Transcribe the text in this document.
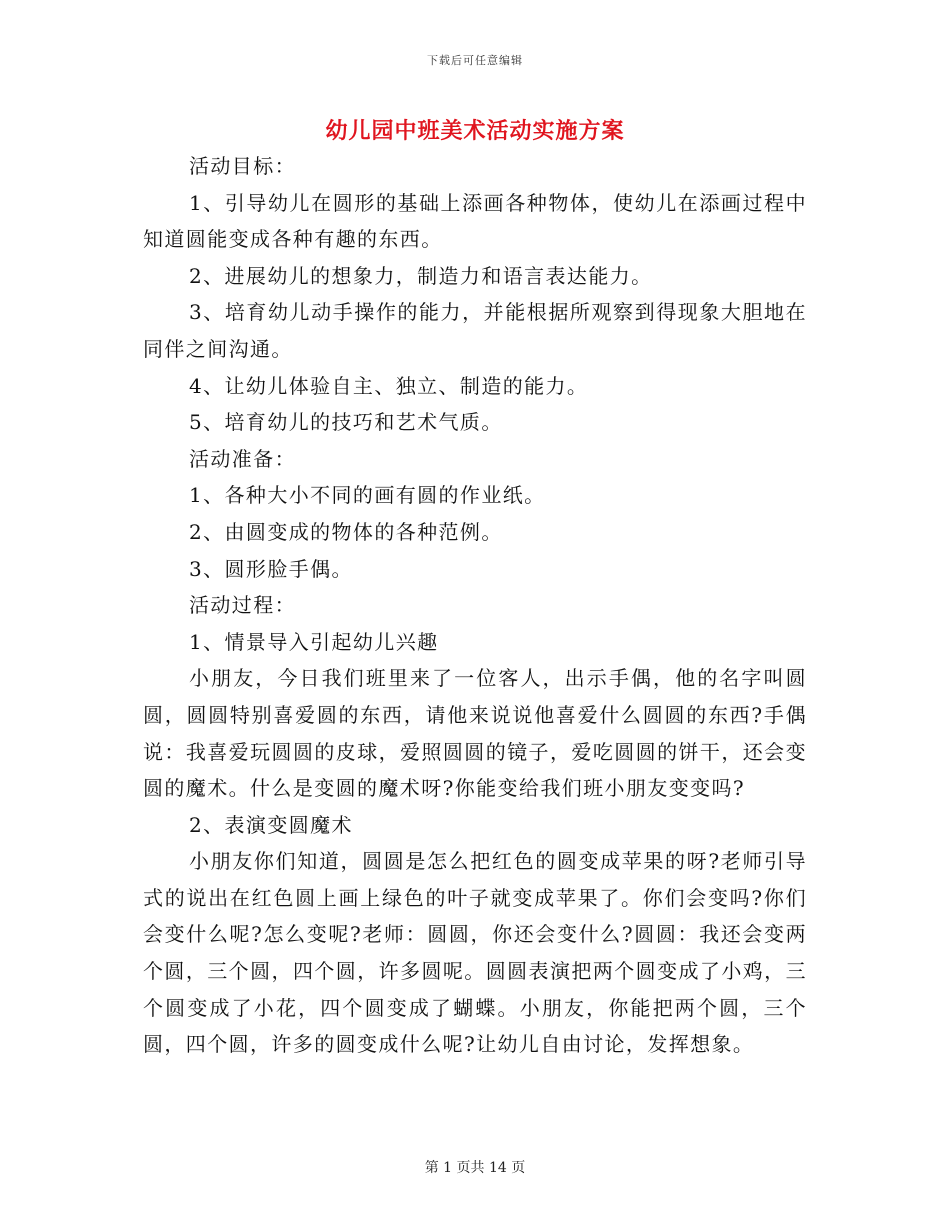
下载后可任意编辑
幼儿园中班美术活动实施方案

活动目标：

1、引导幼儿在圆形的基础上添画各种物体，使幼儿在添画过程中知道圆能变成各种有趣的东西。

2、进展幼儿的想象力，制造力和语言表达能力。

3、培育幼儿动手操作的能力，并能根据所观察到得现象大胆地在同伴之间沟通。

4、让幼儿体验自主、独立、制造的能力。

5、培育幼儿的技巧和艺术气质。

活动准备：

1、各种大小不同的画有圆的作业纸。

2、由圆变成的物体的各种范例。

3、圆形脸手偶。

活动过程：

1、情景导入引起幼儿兴趣

小朋友，今日我们班里来了一位客人，出示手偶，他的名字叫圆圆，圆圆特别喜爱圆的东西，请他来说说他喜爱什么圆圆的东西?手偶说：我喜爱玩圆圆的皮球，爱照圆圆的镜子，爱吃圆圆的饼干，还会变圆的魔术。什么是变圆的魔术呀?你能变给我们班小朋友变变吗?

2、表演变圆魔术

小朋友你们知道，圆圆是怎么把红色的圆变成苹果的呀?老师引导式的说出在红色圆上画上绿色的叶子就变成苹果了。你们会变吗?你们会变什么呢?怎么变呢?老师：圆圆，你还会变什么?圆圆：我还会变两个圆，三个圆，四个圆，许多圆呢。圆圆表演把两个圆变成了小鸡，三个圆变成了小花，四个圆变成了蝴蝶。小朋友，你能把两个圆，三个圆，四个圆，许多的圆变成什么呢?让幼儿自由讨论，发挥想象。

第 1 页共 14 页
